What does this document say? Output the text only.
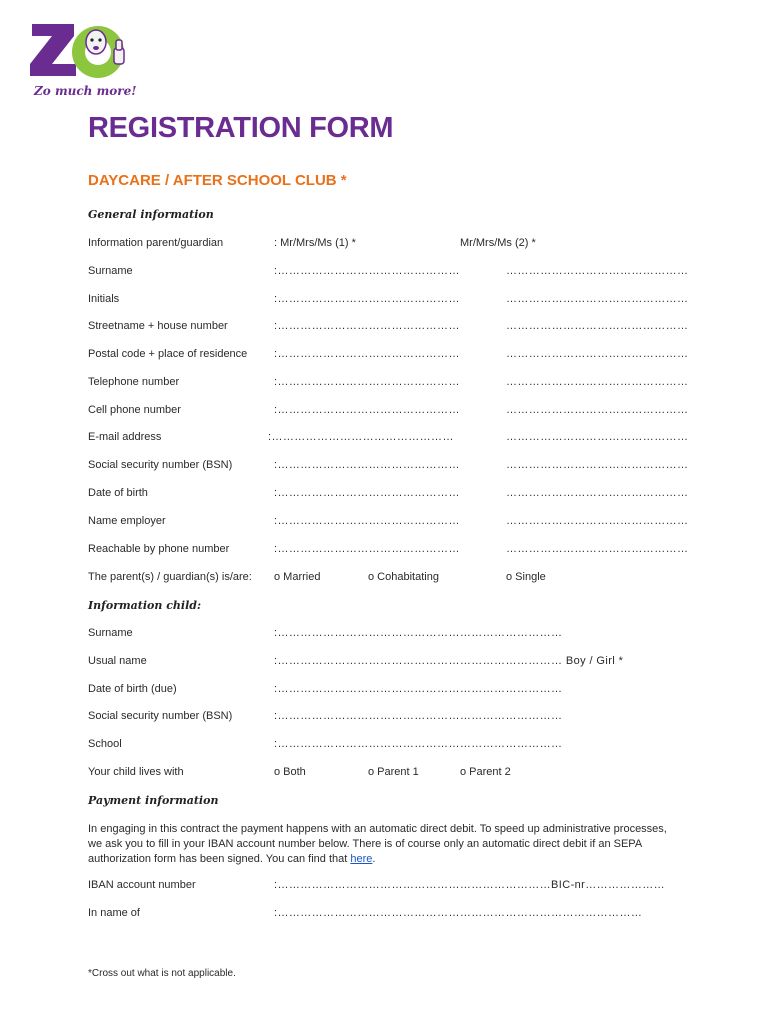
Zo much more!
REGISTRATION FORM
DAYCARE / AFTER SCHOOL CLUB *
General information
Information parent/guardian	: Mr/Mrs/Ms (1) *	Mr/Mrs/Ms (2) *
Surname	:…………………………………………	…………………………………………
Initials	:…………………………………………	…………………………………………
Streetname + house number	:…………………………………………	…………………………………………
Postal code + place of residence :…………………………………………	…………………………………………
Telephone number	:…………………………………………	…………………………………………
Cell phone number	:…………………………………………	…………………………………………
E-mail address	:…………………………………………	…………………………………………
Social security number (BSN)	:…………………………………………	…………………………………………
Date of birth	:…………………………………………	…………………………………………
Name employer	:…………………………………………	…………………………………………
Reachable by phone number	:…………………………………………	…………………………………………
The parent(s) / guardian(s) is/are: o Married	o Cohabitating	o Single
Information child:
Surname	:…………………………………………………………………
Usual name	:………………………………………………………………… Boy / Girl *
Date of birth (due)	:…………………………………………………………………
Social security number (BSN)	:…………………………………………………………………
School	:…………………………………………………………………
Your child lives with	o Both	o Parent 1	o Parent 2
Payment information
In engaging in this contract the payment happens with an automatic direct debit. To speed up administrative processes, we ask you to fill in your IBAN account number below. There is of course only an automatic direct debit if an SEPA authorization form has been signed. You can find that here.
IBAN account number	:………………………………………………………………BIC-nr…………………
In name of	:……………………………………………………………………………………
*Cross out what is not applicable.
